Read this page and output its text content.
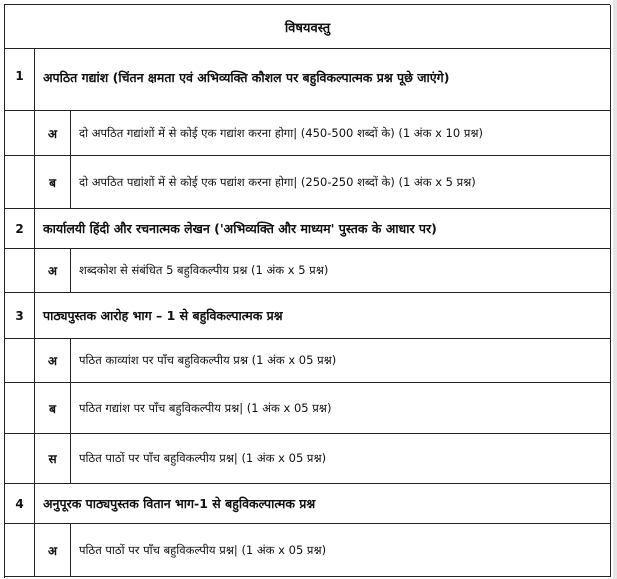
विषयवस्तु
1	अपठित गद्यांश (चिंतन क्षमता एवं अभिव्यक्ति कौशल पर बहुविकल्पात्मक प्रश्न पूछे जाएंगे)
अ	दो अपठित गद्यांशों में से कोई एक गद्यांश करना होगा| (450-500 शब्दों के) (1 अंक x 10 प्रश्न)
ब	दो अपठित पद्यांशों में से कोई एक पद्यांश करना होगा| (250-250 शब्दों के) (1 अंक x 5 प्रश्न)
2	कार्यालयी हिंदी और रचनात्मक लेखन ('अभिव्यक्ति और माध्यम' पुस्तक के आधार पर)
अ	शब्दकोश से संबंधित 5 बहुविकल्पीय प्रश्न (1 अंक x 5 प्रश्न)
3	पाठ्यपुस्तक आरोह भाग – 1 से बहुविकल्पात्मक प्रश्न
अ	पठित काव्यांश पर पाँच बहुविकल्पीय प्रश्न (1 अंक x 05 प्रश्न)
ब	पठित गद्यांश पर पाँच बहुविकल्पीय प्रश्न| (1 अंक x 05 प्रश्न)
स	पठित पाठों पर पाँच बहुविकल्पीय प्रश्न| (1 अंक x 05 प्रश्न)
4	अनुपूरक पाठ्यपुस्तक वितान भाग-1 से बहुविकल्पात्मक प्रश्न
अ	पठित पाठों पर पाँच बहुविकल्पीय प्रश्न| (1 अंक x 05 प्रश्न)
